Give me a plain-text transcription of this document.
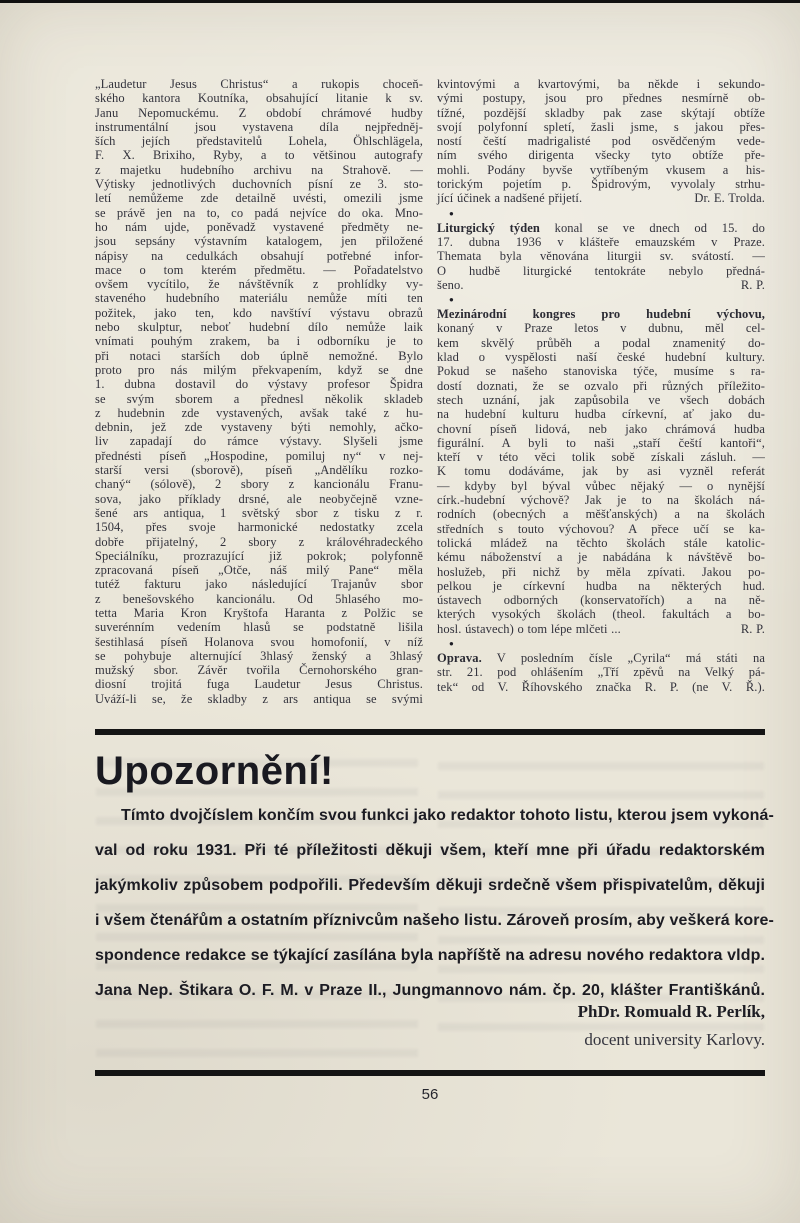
„Laudetur Jesus Christus“ a rukopis choceň-
ského kantora Koutníka, obsahující litanie k sv.
Janu Nepomuckému. Z období chrámové hudby
instrumentální jsou vystavena díla nejpředněj-
ších jejích představitelů Lohela, Öhlschlägela,
F. X. Brixiho, Ryby, a to většinou autografy
z majetku hudebního archivu na Strahově. —
Výtisky jednotlivých duchovních písní ze 3. sto-
letí nemůžeme zde detailně uvésti, omezili jsme
se právě jen na to, co padá nejvíce do oka. Mno-
ho nám ujde, poněvadž vystavené předměty ne-
jsou sepsány výstavním katalogem, jen přiložené
nápisy na cedulkách obsahují potřebné infor-
mace o tom kterém předmětu. — Pořadatelstvo
ovšem vycítilo, že návštěvník z prohlídky vy-
staveného hudebního materiálu nemůže míti ten
požitek, jako ten, kdo navštíví výstavu obrazů
nebo skulptur, neboť hudební dílo nemůže laik
vnímati pouhým zrakem, ba i odborníku je to
při notaci starších dob úplně nemožné. Bylo
proto pro nás milým překvapením, když se dne
1. dubna dostavil do výstavy profesor Špidra
se svým sborem a přednesl několik skladeb
z hudebnin zde vystavených, avšak také z hu-
debnin, jež zde vystaveny býti nemohly, ačko-
liv zapadají do rámce výstavy. Slyšeli jsme
přednésti píseň „Hospodine, pomiluj ny“ v nej-
starší versi (sborově), píseň „Andělíku rozko-
chaný“ (sólově), 2 sbory z kancionálu Franu-
sova, jako příklady drsné, ale neobyčejně vzne-
šené ars antiqua, 1 světský sbor z tisku z r.
1504, přes svoje harmonické nedostatky zcela
dobře přijatelný, 2 sbory z královéhradeckého
Speciálníku, prozrazující již pokrok; polyfonně
zpracovaná píseň „Otče, náš milý Pane“ měla
tutéž fakturu jako následující Trajanův sbor
z benešovského kancionálu. Od 5hlasého mo-
tetta Maria Kron Kryštofa Haranta z Polžic se
suverénním vedením hlasů se podstatně lišila
šestihlasá píseň Holanova svou homofonií, v níž
se pohybuje alternující 3hlasý ženský a 3hlasý
mužský sbor. Závěr tvořila Černohorského gran-
diosní trojitá fuga Laudetur Jesus Christus.
Uváží-li se, že skladby z ars antiqua se svými
kvintovými a kvartovými, ba někde i sekundo-
vými postupy, jsou pro přednes nesmírně ob-
tížné, pozdější skladby pak zase skýtají obtíže
svojí polyfonní spletí, žasli jsme, s jakou přes-
ností čeští madrigalisté pod osvědčeným vede-
ním svého dirigenta všecky tyto obtíže pře-
mohli. Podány byvše vytříbeným vkusem a his-
torickým pojetím p. Špidrovým, vyvolaly strhu-
jící účinek a nadšené přijetí.	Dr. E. Trolda.
●
Liturgický týden konal se ve dnech od 15. do
17. dubna 1936 v klášteře emauzském v Praze.
Themata byla věnována liturgii sv. svátostí. —
O hudbě liturgické tentokráte nebylo předná-
šeno.	R. P.
●
Mezinárodní kongres pro hudební výchovu,
konaný v Praze letos v dubnu, měl cel-
kem skvělý průběh a podal znamenitý do-
klad o vyspělosti naší české hudební kultury.
Pokud se našeho stanoviska týče, musíme s ra-
dostí doznati, že se ozvalo při různých příležito-
stech uznání, jak zapůsobila ve všech dobách
na hudební kulturu hudba církevní, ať jako du-
chovní píseň lidová, neb jako chrámová hudba
figurální. A byli to naši „staří čeští kantoři“,
kteří v této věci tolik sobě získali zásluh. —
K tomu dodáváme, jak by asi vyzněl referát
— kdyby byl býval vůbec nějaký — o nynější
círk.-hudební výchově? Jak je to na školách ná-
rodních (obecných a měšťanských) a na školách
středních s touto výchovou? A přece učí se ka-
tolická mládež na těchto školách stále katolic-
kému náboženství a je nabádána k návštěvě bo-
hoslužeb, při nichž by měla zpívati. Jakou po-
pelkou je církevní hudba na některých hud.
ústavech odborných (konservatořích) a na ně-
kterých vysokých školách (theol. fakultách a bo-
hosl. ústavech) o tom lépe mlčeti ...	R. P.
●
Oprava. V posledním čísle „Cyrila“ má státi na
str. 21. pod ohlášením „Tří zpěvů na Velký pá-
tek“ od V. Říhovského značka R. P. (ne V. Ř.).
Upozornění!
Tímto dvojčíslem končím svou funkci jako redaktor tohoto listu, kterou jsem vykoná-
val od roku 1931. Při té příležitosti děkuji všem, kteří mne při úřadu redaktorském
jakýmkoliv způsobem podpořili. Především děkuji srdečně všem přispivatelům, děkuji
i všem čtenářům a ostatním příznivcům našeho listu. Zároveň prosím, aby veškerá kore-
spondence redakce se týkající zasílána byla napříště na adresu nového redaktora vldp.
Jana Nep. Štikara O. F. M. v Praze II., Jungmannovo nám. čp. 20, klášter Františkánů.
PhDr. Romuald R. Perlík,
docent university Karlovy.
56
